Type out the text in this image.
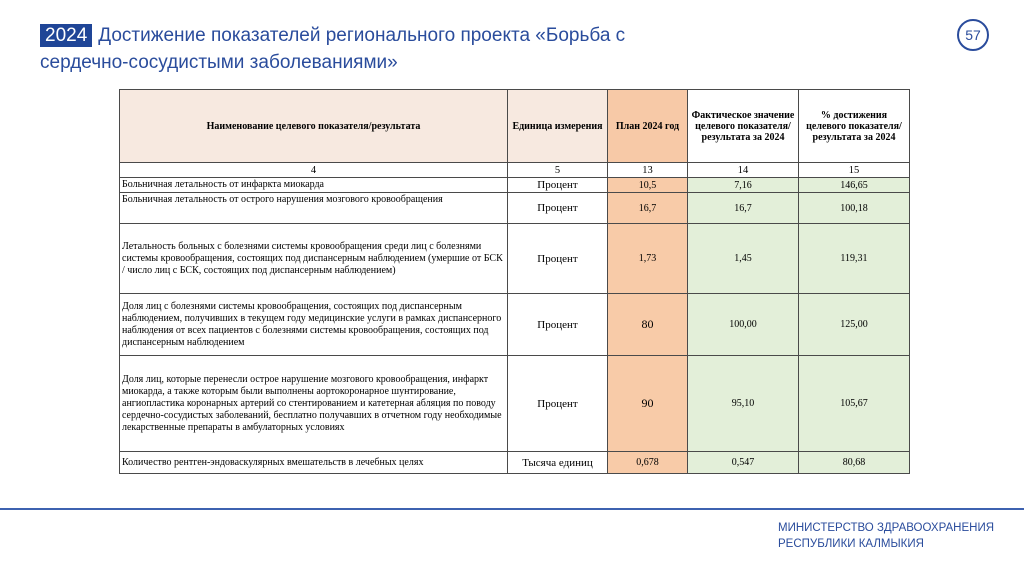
2024 Достижение показателей регионального проекта «Борьба с сердечно-сосудистыми заболеваниями»
57
Наименование целевого показателя/результата	Единица измерения	План 2024 год	Фактическое значение целевого показателя/результата за 2024	% достижения целевого показателя/результата за 2024
4	5	13	14	15
Больничная летальность от инфаркта миокарда	Процент	10,5	7,16	146,65
Больничная летальность от острого нарушения мозгового кровообращения	Процент	16,7	16,7	100,18
Летальность больных с болезнями системы кровообращения среди лиц с болезнями системы кровообращения, состоящих под диспансерным наблюдением (умершие от БСК / число лиц с БСК, состоящих под диспансерным наблюдением)	Процент	1,73	1,45	119,31
Доля лиц с болезнями системы кровообращения, состоящих под диспансерным наблюдением, получивших в текущем году медицинские услуги в рамках диспансерного наблюдения от всех пациентов с болезнями системы кровообращения, состоящих под диспансерным наблюдением	Процент	80	100,00	125,00
Доля лиц, которые перенесли острое нарушение мозгового кровообращения, инфаркт миокарда, а также которым были выполнены аортокоронарное шунтирование, ангиопластика коронарных артерий со стентированием и катетерная абляция по поводу сердечно-сосудистых заболеваний, бесплатно получавших в отчетном году необходимые лекарственные препараты в амбулаторных условиях	Процент	90	95,10	105,67
Количество рентген-эндоваскулярных вмешательств в лечебных целях	Тысяча единиц	0,678	0,547	80,68
МИНИСТЕРСТВО ЗДРАВООХРАНЕНИЯ РЕСПУБЛИКИ КАЛМЫКИЯ
